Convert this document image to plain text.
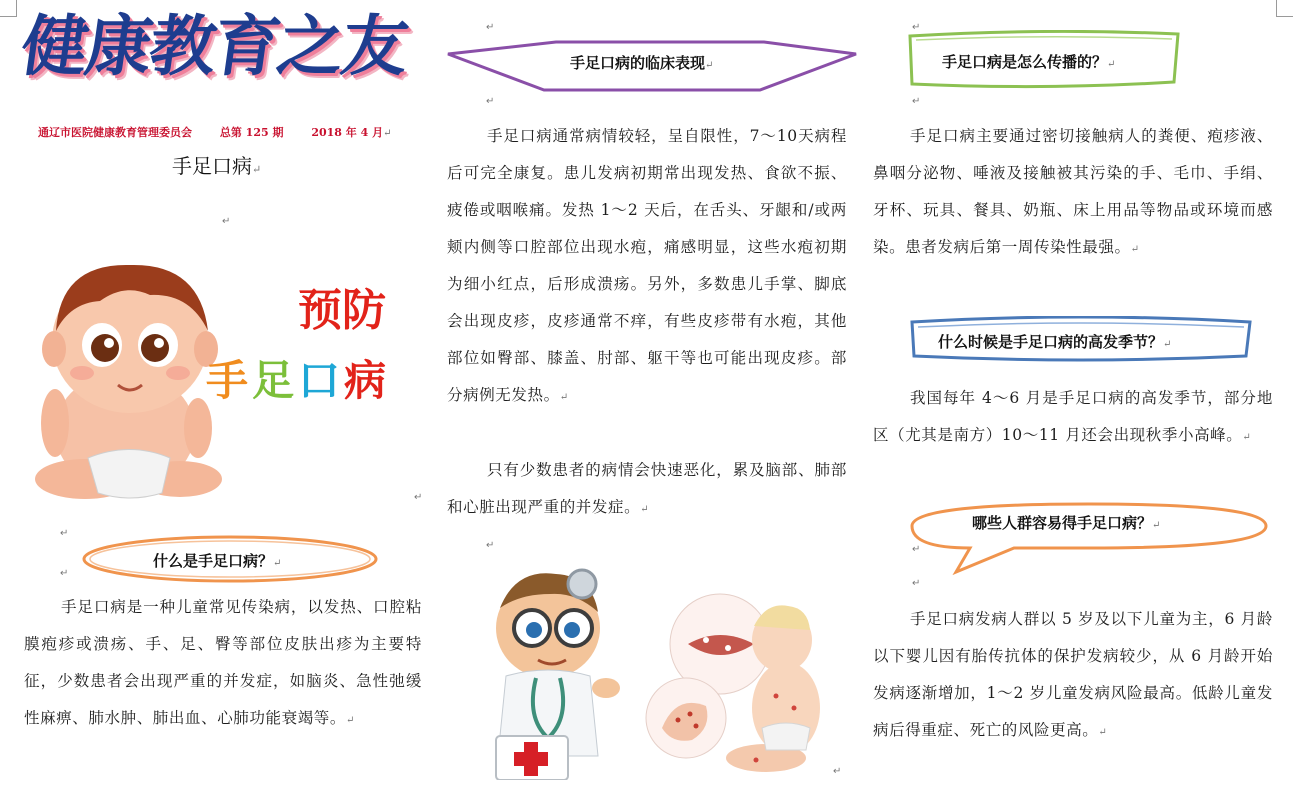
健康教育之友
通辽市医院健康教育管理委员会	总第 125 期	2018 年 4 月↵
手足口病↵
↵
预防
手 足 口 病
↵
↵
什么是手足口病？↵
↵
手足口病是一种儿童常见传染病，以发热、口腔粘膜疱疹或溃疡、手、足、臀等部位皮肤出疹为主要特征，少数患者会出现严重的并发症，如脑炎、急性弛缓性麻痹、肺水肿、肺出血、心肺功能衰竭等。↵
↵
手足口病的临床表现↵
↵
手足口病通常病情较轻，呈自限性，7～10天病程后可完全康复。患儿发病初期常出现发热、食欲不振、疲倦或咽喉痛。发热 1～2 天后，在舌头、牙龈和/或两颊内侧等口腔部位出现水疱，痛感明显，这些水疱初期为细小红点，后形成溃疡。另外，多数患儿手掌、脚底会出现皮疹，皮疹通常不痒，有些皮疹带有水疱，其他部位如臀部、膝盖、肘部、躯干等也可能出现皮疹。部分病例无发热。↵
只有少数患者的病情会快速恶化，累及脑部、肺部和心脏出现严重的并发症。↵
↵
↵
↵
手足口病是怎么传播的？↵
↵
手足口病主要通过密切接触病人的粪便、疱疹液、鼻咽分泌物、唾液及接触被其污染的手、毛巾、手绢、牙杯、玩具、餐具、奶瓶、床上用品等物品或环境而感染。患者发病后第一周传染性最强。↵
什么时候是手足口病的高发季节？↵
我国每年 4～6 月是手足口病的高发季节，部分地区（尤其是南方）10～11 月还会出现秋季小高峰。↵
哪些人群容易得手足口病？↵
↵
↵
手足口病发病人群以 5 岁及以下儿童为主，6 月龄以下婴儿因有胎传抗体的保护发病较少，从 6 月龄开始发病逐渐增加，1～2 岁儿童发病风险最高。低龄儿童发病后得重症、死亡的风险更高。↵
